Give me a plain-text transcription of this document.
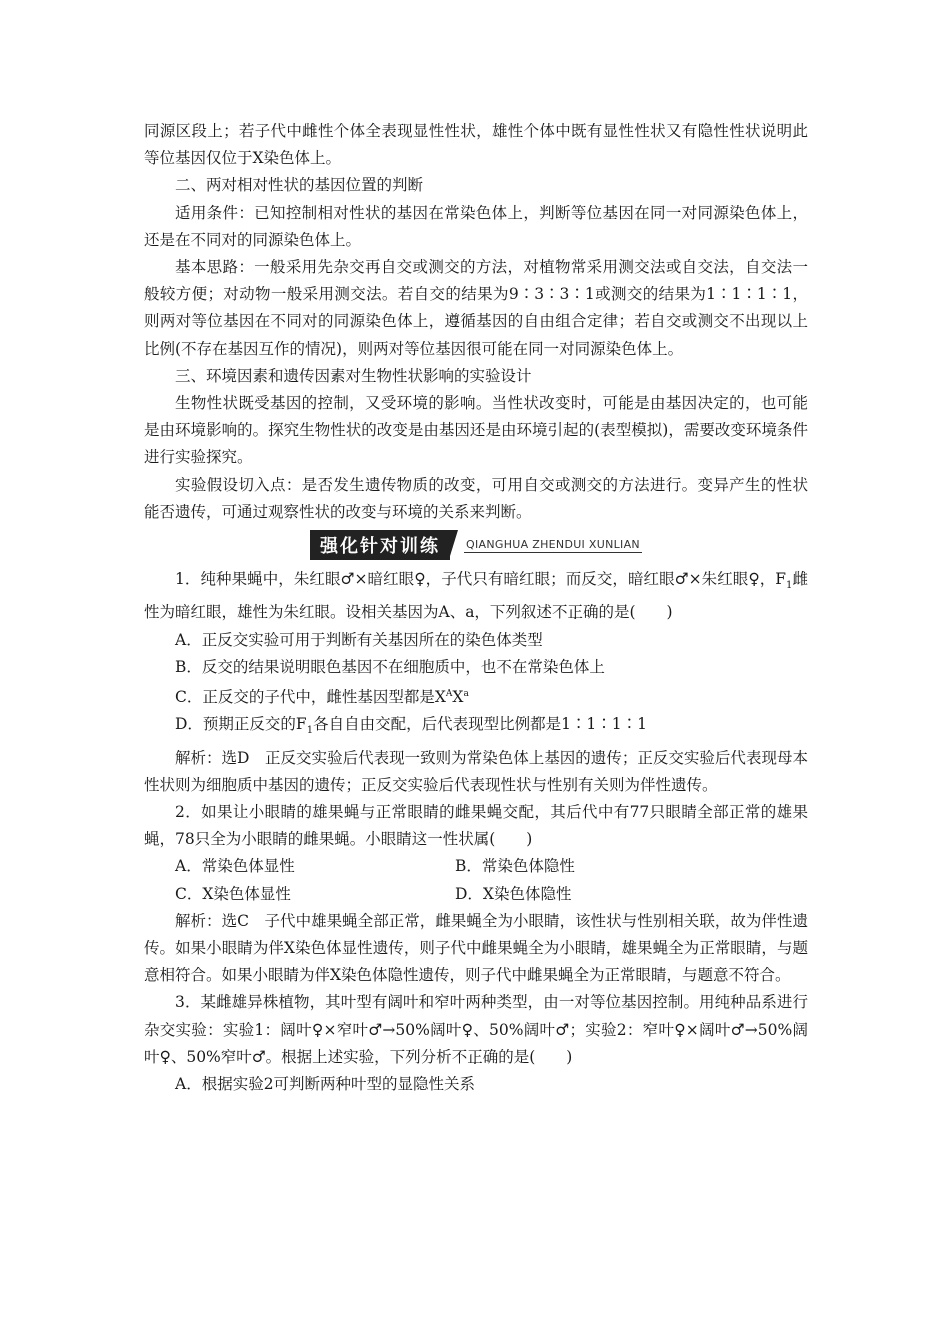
同源区段上；若子代中雌性个体全表现显性性状，雄性个体中既有显性性状又有隐性性状说明此等位基因仅位于X染色体上。

二、两对相对性状的基因位置的判断

适用条件：已知控制相对性状的基因在常染色体上，判断等位基因在同一对同源染色体上，还是在不同对的同源染色体上。

基本思路：一般采用先杂交再自交或测交的方法，对植物常采用测交法或自交法，自交法一般较方便；对动物一般采用测交法。若自交的结果为9∶3∶3∶1或测交的结果为1∶1∶1∶1，则两对等位基因在不同对的同源染色体上，遵循基因的自由组合定律；若自交或测交不出现以上比例(不存在基因互作的情况)，则两对等位基因很可能在同一对同源染色体上。

三、环境因素和遗传因素对生物性状影响的实验设计

生物性状既受基因的控制，又受环境的影响。当性状改变时，可能是由基因决定的，也可能是由环境影响的。探究生物性状的改变是由基因还是由环境引起的(表型模拟)，需要改变环境条件进行实验探究。

实验假设切入点：是否发生遗传物质的改变，可用自交或测交的方法进行。变异产生的性状能否遗传，可通过观察性状的改变与环境的关系来判断。

强化针对训练	QIANGHUA ZHENDUI XUNLIAN

1．纯种果蝇中，朱红眼♂×暗红眼♀，子代只有暗红眼；而反交，暗红眼♂×朱红眼♀，$F_1$雌性为暗红眼，雄性为朱红眼。设相关基因为A、a，下列叙述不正确的是(　　)

A．正反交实验可用于判断有关基因所在的染色体类型

B．反交的结果说明眼色基因不在细胞质中，也不在常染色体上

C．正反交的子代中，雌性基因型都是$X^AX^a$

D．预期正反交的$F_1$各自自由交配，后代表现型比例都是1∶1∶1∶1

解析：选D　正反交实验后代表现一致则为常染色体上基因的遗传；正反交实验后代表现母本性状则为细胞质中基因的遗传；正反交实验后代表现性状与性别有关则为伴性遗传。

2．如果让小眼睛的雄果蝇与正常眼睛的雌果蝇交配，其后代中有77只眼睛全部正常的雄果蝇，78只全为小眼睛的雌果蝇。小眼睛这一性状属(　　)

A．常染色体显性	B．常染色体隐性

C．X染色体显性	D．X染色体隐性

解析：选C　子代中雄果蝇全部正常，雌果蝇全为小眼睛，该性状与性别相关联，故为伴性遗传。如果小眼睛为伴X染色体显性遗传，则子代中雌果蝇全为小眼睛，雄果蝇全为正常眼睛，与题意相符合。如果小眼睛为伴X染色体隐性遗传，则子代中雌果蝇全为正常眼睛，与题意不符合。

3．某雌雄异株植物，其叶型有阔叶和窄叶两种类型，由一对等位基因控制。用纯种品系进行杂交实验：实验1：阔叶♀×窄叶♂→50%阔叶♀、50%阔叶♂；实验2：窄叶♀×阔叶♂→50%阔叶♀、50%窄叶♂。根据上述实验，下列分析不正确的是(　　)

A．根据实验2可判断两种叶型的显隐性关系
